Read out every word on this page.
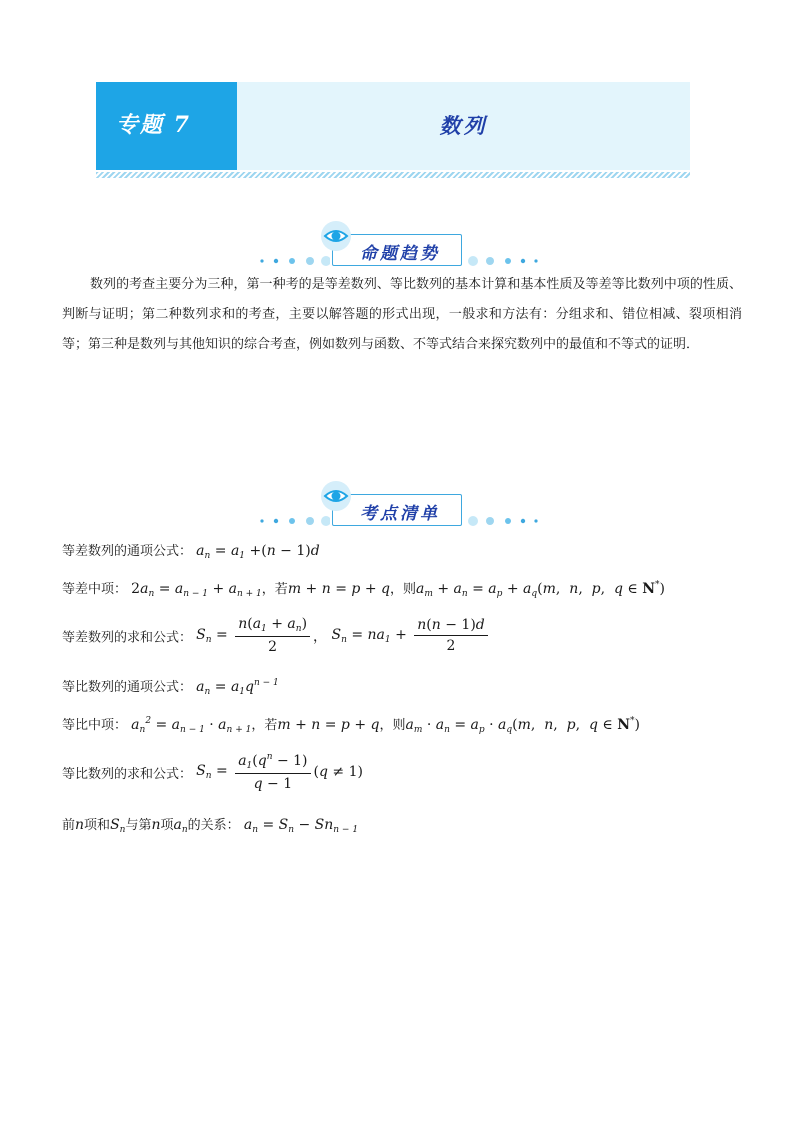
专题 7	数列
命题趋势

数列的考查主要分为三种，第一种考的是等差数列、等比数列的基本计算和基本性质及等差等比数列中项的性质、判断与证明；第二种数列求和的考查，主要以解答题的形式出现，一般求和方法有：分组求和、错位相减、裂项相消等；第三种是数列与其他知识的综合考查，例如数列与函数、不等式结合来探究数列中的最值和不等式的证明．

考点清单
等差数列的通项公式： $a_n = a_1 +(n - 1)d$
等差中项： $2a_n = a_{n - 1} + a_{n + 1}$，若m + n = p + q，则$a_m + a_n = a_p + a_q(m$,  n,  p,  q ∈ N*)
等差数列的求和公式： $S_n = \frac{n(a_1 + a_n)}{2}$ ， $S_n = na_1 + \frac{n(n - 1)d}{2}$
等比数列的通项公式： $a_n = a_1q^{n - 1}$
等比中项： $a_n^2 = a_{n - 1} \cdot a_{n + 1}$，若m + n = p + q，则$a_m \cdot a_n = a_p \cdot a_q(m$,  n,  p,  q ∈ N*)
等比数列的求和公式： $S_n = \frac{a_1(q^n - 1)}{q - 1} (q \ne 1)$
前n项和$S_n$与第n项$a_n$的关系： $a_n = S_n - Sn_{n - 1}$
